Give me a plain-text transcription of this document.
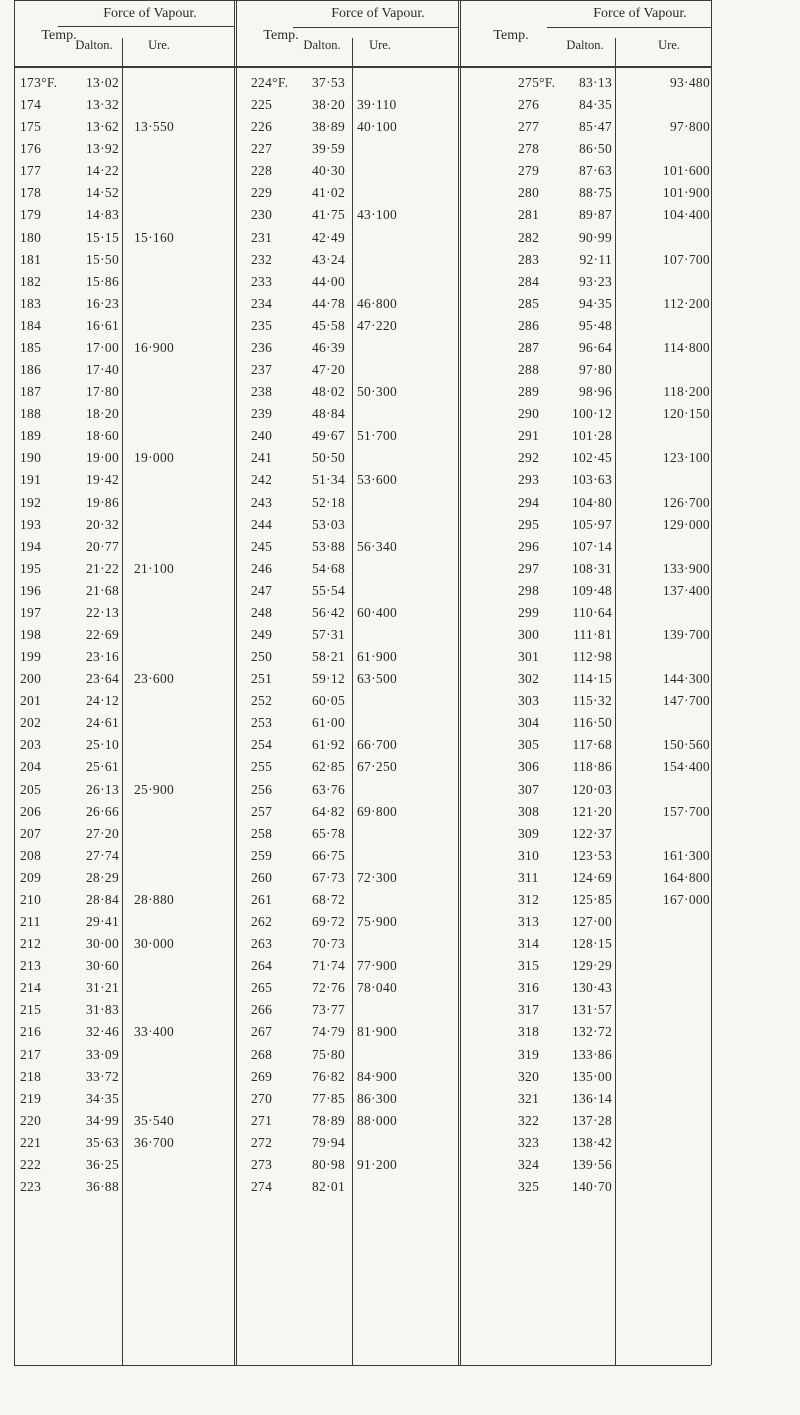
Temp.
Force of Vapour.
Dalton.	Ure.
Temp.
Force of Vapour.
Dalton.	Ure.
Temp.
Force of Vapour.
Dalton.	Ure.
173°F. 13·02
174	13·32
175	13·62 13·550
176	13·92
177	14·22
178	14·52
179	14·83
180	15·15 15·160
181	15·50
182	15·86
183	16·23
184	16·61
185	17·00 16·900
186	17·40
187	17·80
188	18·20
189	18·60
190	19·00 19·000
191	19·42
192	19·86
193	20·32
194	20·77
195	21·22 21·100
196	21·68
197	22·13
198	22·69
199	23·16
200	23·64 23·600
201	24·12
202	24·61
203	25·10
204	25·61
205	26·13 25·900
206	26·66
207	27·20
208	27·74
209	28·29
210	28·84 28·880
211	29·41
212	30·00 30·000
213	30·60
214	31·21
215	31·83
216	32·46 33·400
217	33·09
218	33·72
219	34·35
220	34·99 35·540
221	35·63 36·700
222	36·25
223	36·88
224°F. 37·53
225	38·20 39·110
226	38·89 40·100
227	39·59
228	40·30
229	41·02
230	41·75 43·100
231	42·49
232	43·24
233	44·00
234	44·78 46·800
235	45·58 47·220
236	46·39
237	47·20
238	48·02 50·300
239	48·84
240	49·67 51·700
241	50·50
242	51·34 53·600
243	52·18
244	53·03
245	53·88 56·340
246	54·68
247	55·54
248	56·42 60·400
249	57·31
250	58·21 61·900
251	59·12 63·500
252	60·05
253	61·00
254	61·92 66·700
255	62·85 67·250
256	63·76
257	64·82 69·800
258	65·78
259	66·75
260	67·73 72·300
261	68·72
262	69·72 75·900
263	70·73
264	71·74 77·900
265	72·76 78·040
266	73·77
267	74·79 81·900
268	75·80
269	76·82 84·900
270	77·85 86·300
271	78·89 88·000
272	79·94
273	80·98 91·200
274	82·01
275°F. 83·13	93·480
276	84·35
277	85·47	97·800
278	86·50
279	87·63	101·600
280	88·75	101·900
281	89·87	104·400
282	90·99
283	92·11	107·700
284	93·23
285	94·35	112·200
286	95·48
287	96·64	114·800
288	97·80
289	98·96	118·200
290 100·12	120·150
291 101·28
292 102·45	123·100
293 103·63
294 104·80	126·700
295 105·97	129·000
296 107·14
297 108·31	133·900
298 109·48	137·400
299 110·64
300	111·81	139·700
301 112·98
302 114·15	144·300
303 115·32	147·700
304 116·50
305 117·68	150·560
306 118·86	154·400
307 120·03
308 121·20	157·700
309 122·37
310 123·53	161·300
311 124·69	164·800
312 125·85	167·000
313 127·00
314 128·15
315 129·29
316 130·43
317 131·57
318 132·72
319 133·86
320 135·00
321 136·14
322 137·28
323 138·42
324 139·56
325 140·70
